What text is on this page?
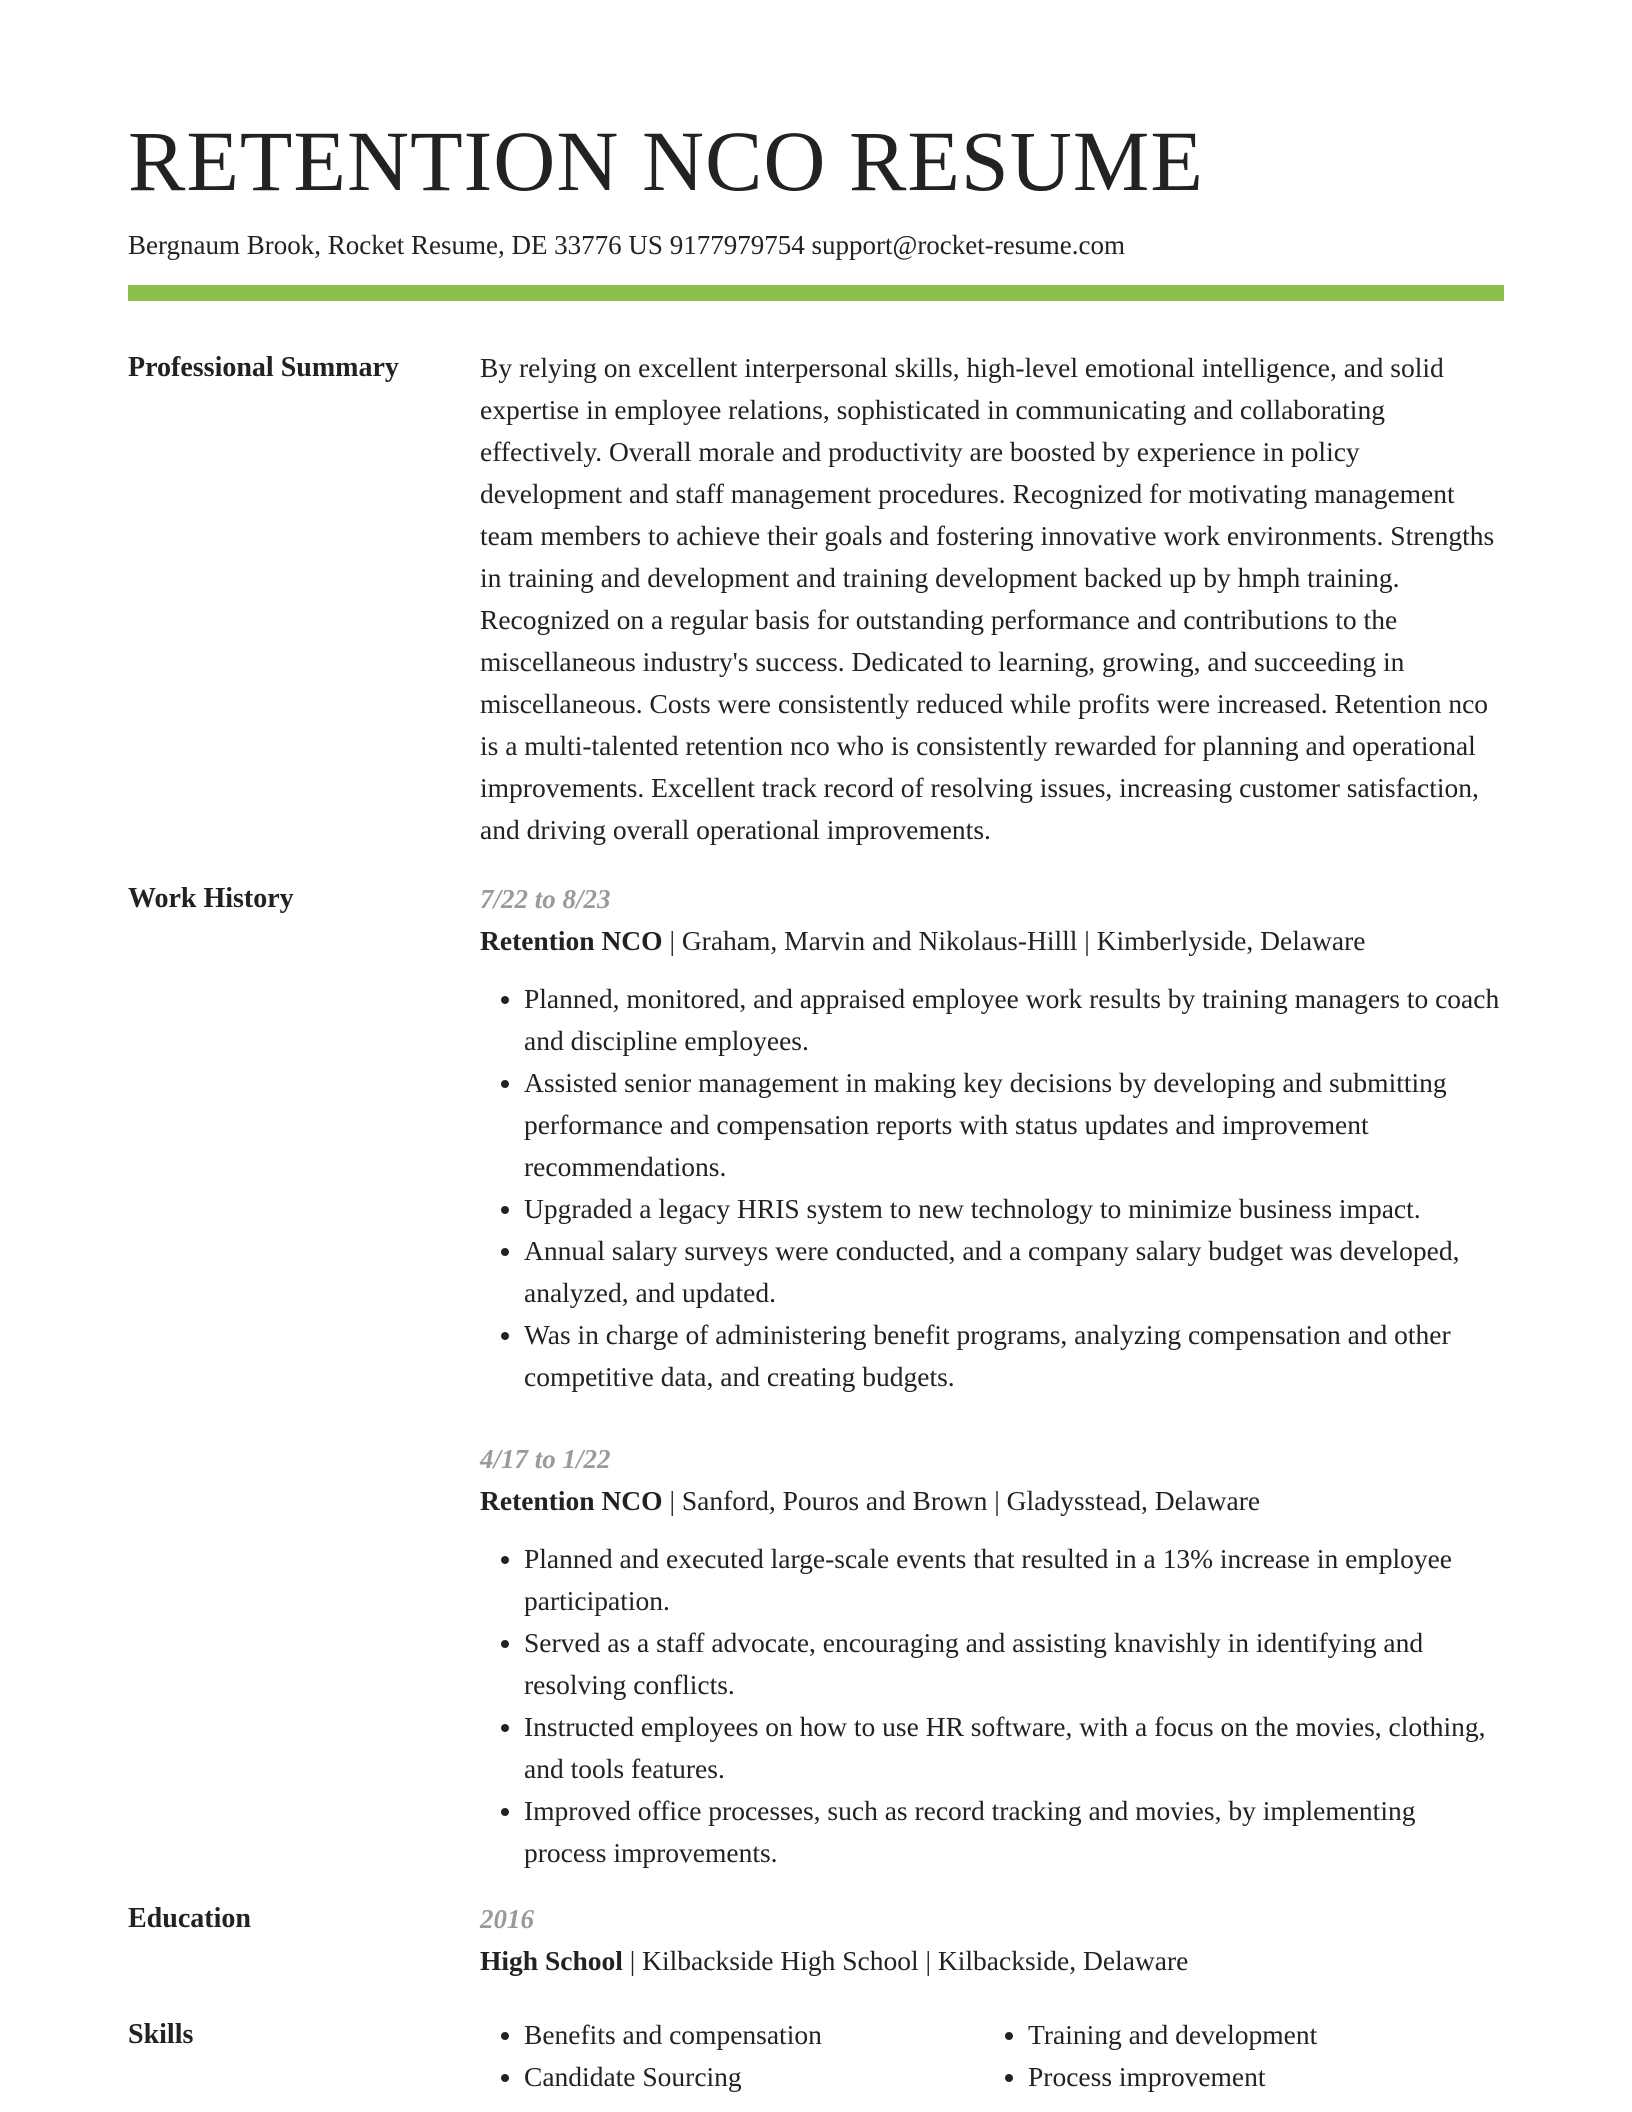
RETENTION NCO RESUME
Bergnaum Brook, Rocket Resume, DE 33776 US 9177979754 support@rocket-resume.com
Professional Summary	By relying on excellent interpersonal skills, high-level emotional intelligence, and solid expertise in employee relations, sophisticated in communicating and collaborating effectively. Overall morale and productivity are boosted by experience in policy development and staff management procedures. Recognized for motivating management team members to achieve their goals and fostering innovative work environments. Strengths in training and development and training development backed up by hmph training. Recognized on a regular basis for outstanding performance and contributions to the miscellaneous industry's success. Dedicated to learning, growing, and succeeding in miscellaneous. Costs were consistently reduced while profits were increased. Retention nco is a multi-talented retention nco who is consistently rewarded for planning and operational improvements. Excellent track record of resolving issues, increasing customer satisfaction, and driving overall operational improvements.

Work History	7/22 to 8/23
Retention NCO | Graham, Marvin and Nikolaus-Hilll | Kimberlyside, Delaware
• Planned, monitored, and appraised employee work results by training managers to coach and discipline employees.
• Assisted senior management in making key decisions by developing and submitting performance and compensation reports with status updates and improvement recommendations.
• Upgraded a legacy HRIS system to new technology to minimize business impact.
• Annual salary surveys were conducted, and a company salary budget was developed, analyzed, and updated.
• Was in charge of administering benefit programs, analyzing compensation and other competitive data, and creating budgets.
4/17 to 1/22
Retention NCO | Sanford, Pouros and Brown | Gladysstead, Delaware
• Planned and executed large-scale events that resulted in a 13% increase in employee participation.
• Served as a staff advocate, encouraging and assisting knavishly in identifying and resolving conflicts.
• Instructed employees on how to use HR software, with a focus on the movies, clothing, and tools features.
• Improved office processes, such as record tracking and movies, by implementing process improvements.
Education	2016
High School | Kilbackside High School | Kilbackside, Delaware
Skills
•	Benefits and compensation
• Candidate Sourcing
• Training and development
• Process improvement
